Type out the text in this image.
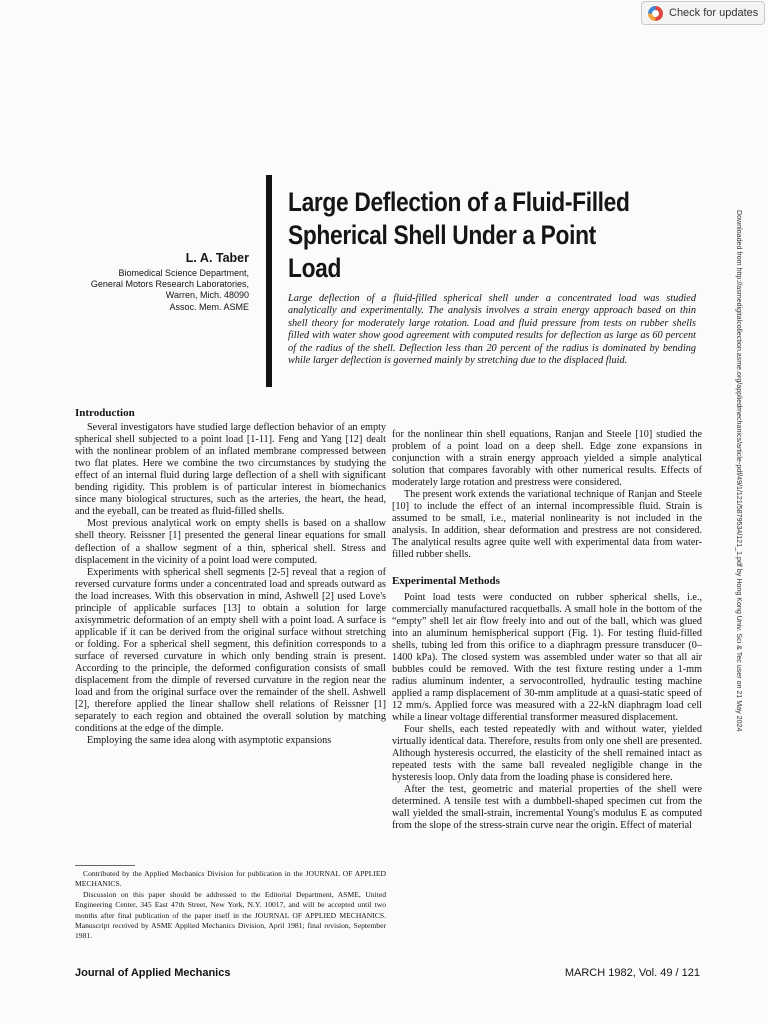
Check for updates
Downloaded from http://asmedigitalcollection.asme.org/appliedmechanics/article-pdf/49/1/121/5879534/121_1.pdf by Hong Kong Univ. Sci & Tec user on 21 May 2024
Large Deflection of a Fluid-Filled
Spherical Shell Under a Point
Load
L. A. Taber
Biomedical Science Department,
General Motors Research Laboratories,
Warren, Mich. 48090
Assoc. Mem. ASME
Large deflection of a fluid-filled spherical shell under a concentrated load was studied analytically and experimentally. The analysis involves a strain energy approach based on thin shell theory for moderately large rotation. Load and fluid pressure from tests on rubber shells filled with water show good agreement with computed results for deflection as large as 60 percent of the radius of the shell. Deflection less than 20 percent of the radius is dominated by bending while larger deflection is governed mainly by stretching due to the displaced fluid.
Introduction

Several investigators have studied large deflection behavior of an empty spherical shell subjected to a point load [1-11]. Feng and Yang [12] dealt with the nonlinear problem of an inflated membrane compressed between two flat plates. Here we combine the two circumstances by studying the effect of an internal fluid during large deflection of a shell with significant bending rigidity. This problem is of particular interest in biomechanics since many biological structures, such as the arteries, the heart, the head, and the eyeball, can be treated as fluid-filled shells.

Most previous analytical work on empty shells is based on a shallow shell theory. Reissner [1] presented the general linear equations for small deflection of a shallow segment of a thin, spherical shell. Stress and displacement in the vicinity of a point load were computed.

Experiments with spherical shell segments [2-5] reveal that a region of reversed curvature forms under a concentrated load and spreads outward as the load increases. With this observation in mind, Ashwell [2] used Love's principle of applicable surfaces [13] to obtain a solution for large axisymmetric deformation of an empty shell with a point load. A surface is applicable if it can be derived from the original surface without stretching or folding. For a spherical shell segment, this definition corresponds to a surface of reversed curvature in which only bending strain is present. According to the principle, the deformed configuration consists of small displacement from the dimple of reversed curvature in the region near the load and from the original surface over the remainder of the shell. Ashwell [2], therefore applied the linear shallow shell relations of Reissner [1] separately to each region and obtained the overall solution by matching conditions at the edge of the dimple.

Employing the same idea along with asymptotic expansions

Contributed by the Applied Mechanics Division for publication in the JOURNAL OF APPLIED MECHANICS.

Discussion on this paper should be addressed to the Editorial Department, ASME, United Engineering Center, 345 East 47th Street, New York, N.Y. 10017, and will be accepted until two months after final publication of the paper itself in the JOURNAL OF APPLIED MECHANICS. Manuscript received by ASME Applied Mechanics Division, April 1981; final revision, September 1981.

for the nonlinear thin shell equations, Ranjan and Steele [10] studied the problem of a point load on a deep shell. Edge zone expansions in conjunction with a strain energy approach yielded a simple analytical solution that compares favorably with other numerical results. Effects of moderately large rotation and prestress were considered.

The present work extends the variational technique of Ranjan and Steele [10] to include the effect of an internal incompressible fluid. Strain is assumed to be small, i.e., material nonlinearity is not included in the analysis. In addition, shear deformation and prestress are not considered. The analytical results agree quite well with experimental data from water-filled rubber shells.

Experimental Methods

Point load tests were conducted on rubber spherical shells, i.e., commercially manufactured racquetballs. A small hole in the bottom of the “empty” shell let air flow freely into and out of the ball, which was glued into an aluminum hemispherical support (Fig. 1). For testing fluid-filled shells, tubing led from this orifice to a diaphragm pressure transducer (0–1400 kPa). The closed system was assembled under water so that all air bubbles could be removed. With the test fixture resting under a 1-mm radius aluminum indenter, a servocontrolled, hydraulic testing machine applied a ramp displacement of 30-mm amplitude at a quasi-static speed of 12 mm/s. Applied force was measured with a 22-kN diaphragm load cell while a linear voltage differential transformer measured displacement.

Four shells, each tested repeatedly with and without water, yielded virtually identical data. Therefore, results from only one shell are presented. Although hysteresis occurred, the elasticity of the shell remained intact as repeated tests with the same ball revealed negligible change in the hysteresis loop. Only data from the loading phase is considered here.

After the test, geometric and material properties of the shell were determined. A tensile test with a dumbbell-shaped specimen cut from the wall yielded the small-strain, incremental Young's modulus E as computed from the slope of the stress-strain curve near the origin. Effect of material

Journal of Applied Mechanics	MARCH 1982, Vol. 49 / 121
